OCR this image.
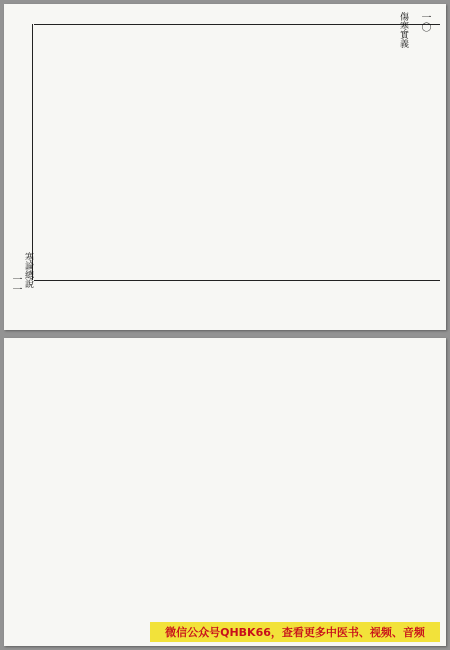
傷寒實義 一〇
寒論總說
一一
微信公众号QHBK66，查看更多中医书、视频、音频
